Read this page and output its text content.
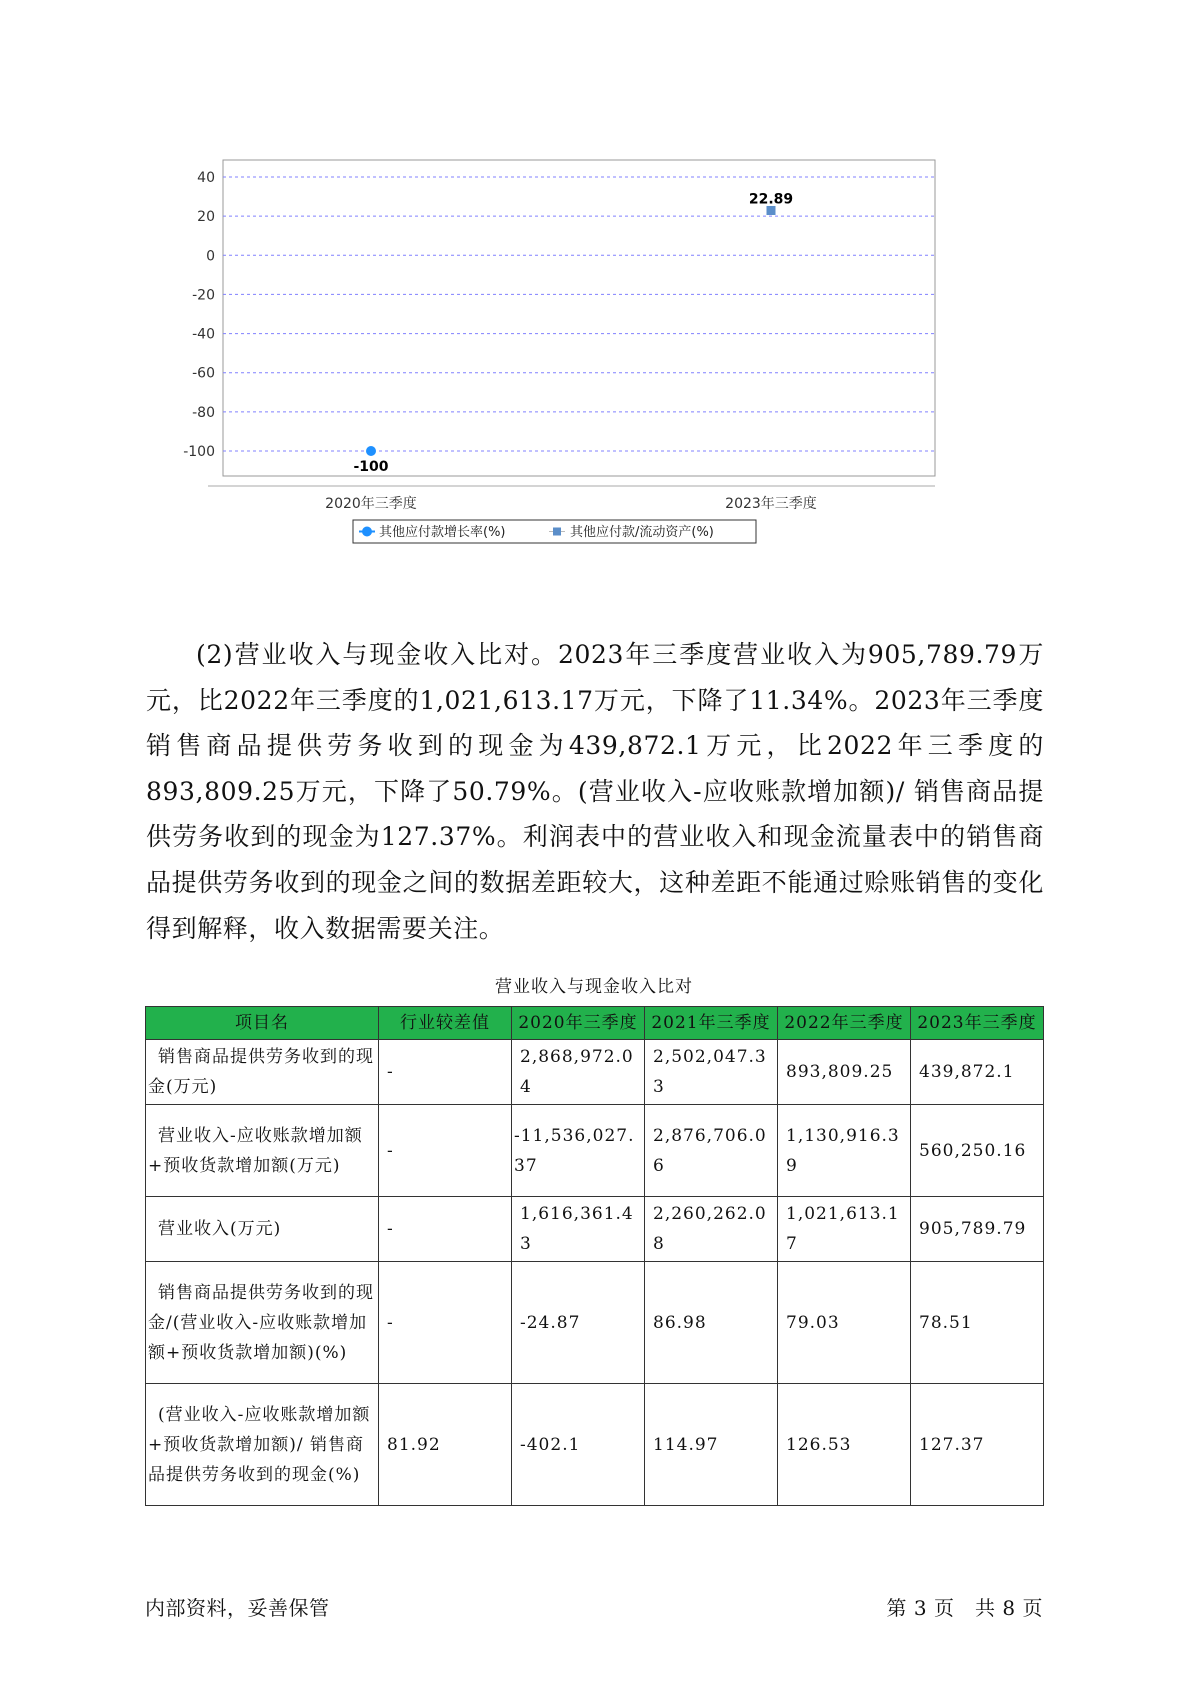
40
20
0
-20
-40
-60
-80
-100
2020年三季度	2023年三季度
-100
22.89
其他应付款增长率(%)	其他应付款/流动资产(%)

(2)营业收入与现金收入比对。2023年三季度营业收入为905,789.79万元，比2022年三季度的1,021,613.17万元，下降了11.34%。2023年三季度销售商品提供劳务收到的现金为439,872.1万元，比2022年三季度的893,809.25万元，下降了50.79%。(营业收入-应收账款增加额)/ 销售商品提供劳务收到的现金为127.37%。利润表中的营业收入和现金流量表中的销售商品提供劳务收到的现金之间的数据差距较大，这种差距不能通过赊账销售的变化得到解释，收入数据需要关注。

营业收入与现金收入比对
项目名	行业较差值	2020年三季度	2021年三季度	2022年三季度	2023年三季度
销售商品提供劳务收到的现金(万元)	-	2,868,972.04	2,502,047.33	893,809.25	439,872.1
营业收入-应收账款增加额+预收货款增加额(万元)	-	-11,536,027.37	2,876,706.06	1,130,916.39	560,250.16
营业收入(万元)	-	1,616,361.43	2,260,262.08	1,021,613.17	905,789.79
销售商品提供劳务收到的现金/(营业收入-应收账款增加额+预收货款增加额)(%)	-	-24.87	86.98	79.03	78.51
(营业收入-应收账款增加额+预收货款增加额)/ 销售商品提供劳务收到的现金(%)	81.92	-402.1	114.97	126.53	127.37
内部资料，妥善保管	第 3 页 共 8 页
